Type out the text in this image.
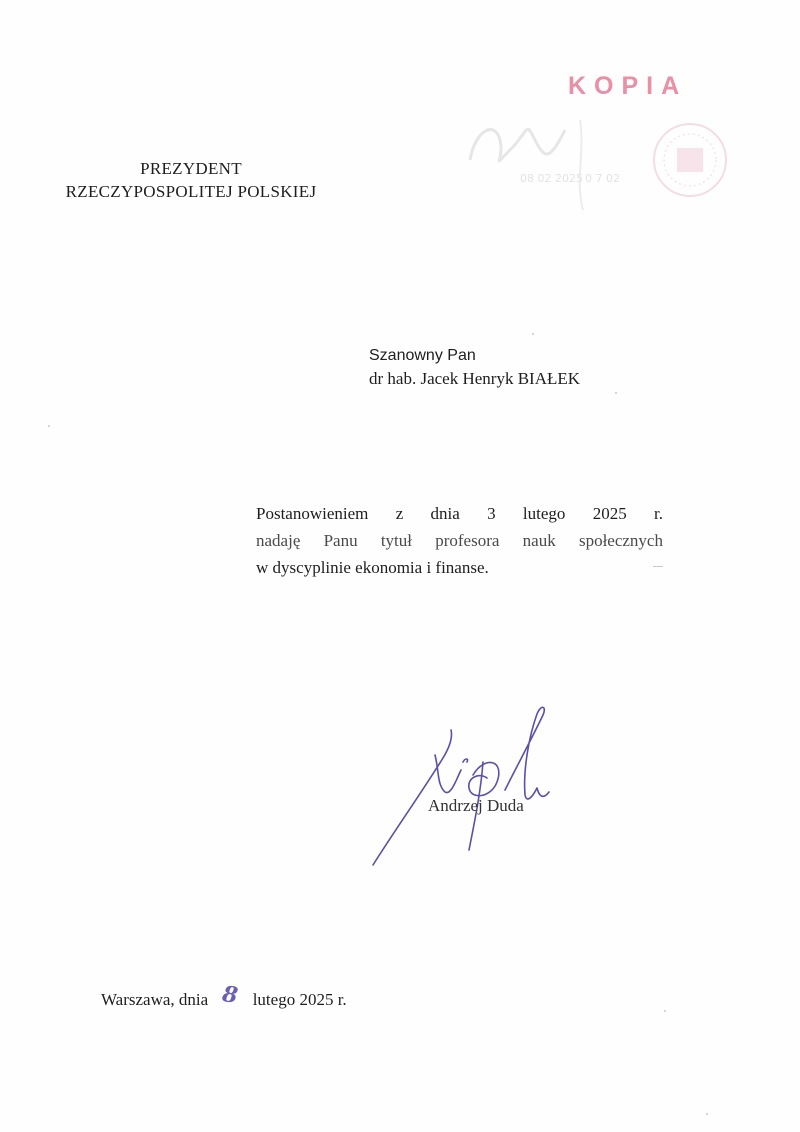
08 02 2025 0 7 02
KOPIA
PREZYDENT
RZECZYPOSPOLITEJ POLSKIEJ
Szanowny Pan
dr hab. Jacek Henryk BIAŁEK
Postanowieniem z dnia 3 lutego 2025 r.
nadaję Panu tytuł profesora nauk społecznych
w dyscyplinie ekonomia i finanse.
Andrzej Duda
Warszawa, dnia 8 lutego 2025 r.
